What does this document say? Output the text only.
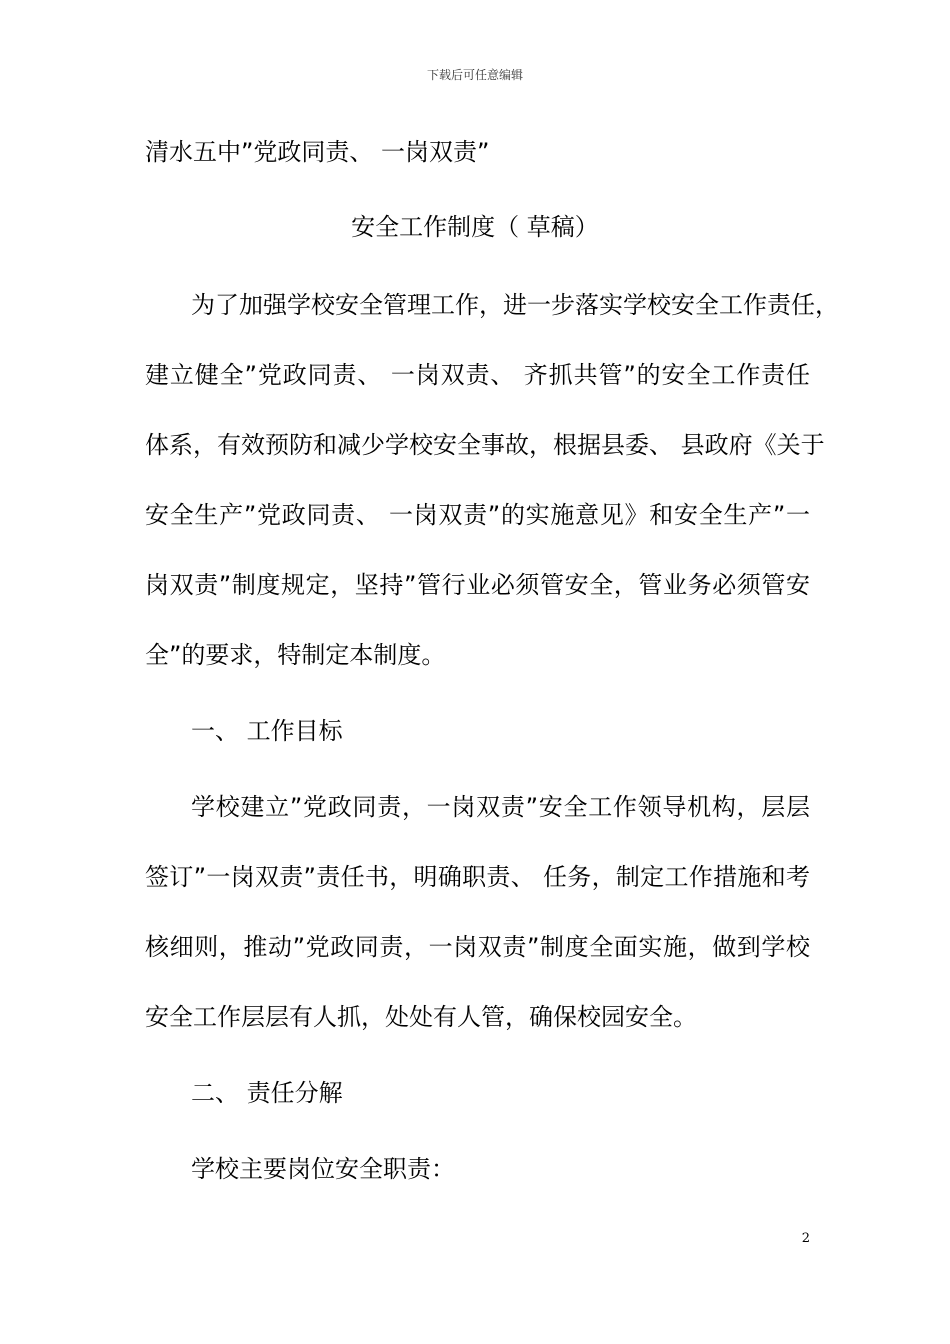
下载后可任意编辑
清水五中”党政同责、 一岗双责”
安全工作制度（ 草稿）
为了加强学校安全管理工作，进一步落实学校安全工作责任，
建立健全”党政同责、 一岗双责、 齐抓共管”的安全工作责任
体系，有效预防和减少学校安全事故，根据县委、 县政府《关于
安全生产”党政同责、 一岗双责”的实施意见》和安全生产”一
岗双责”制度规定，坚持”管行业必须管安全，管业务必须管安
全”的要求，特制定本制度。
一、 工作目标
学校建立”党政同责，一岗双责”安全工作领导机构，层层
签订”一岗双责”责任书，明确职责、 任务，制定工作措施和考
核细则，推动”党政同责，一岗双责”制度全面实施，做到学校
安全工作层层有人抓，处处有人管，确保校园安全。
二、 责任分解
学校主要岗位安全职责：
2
